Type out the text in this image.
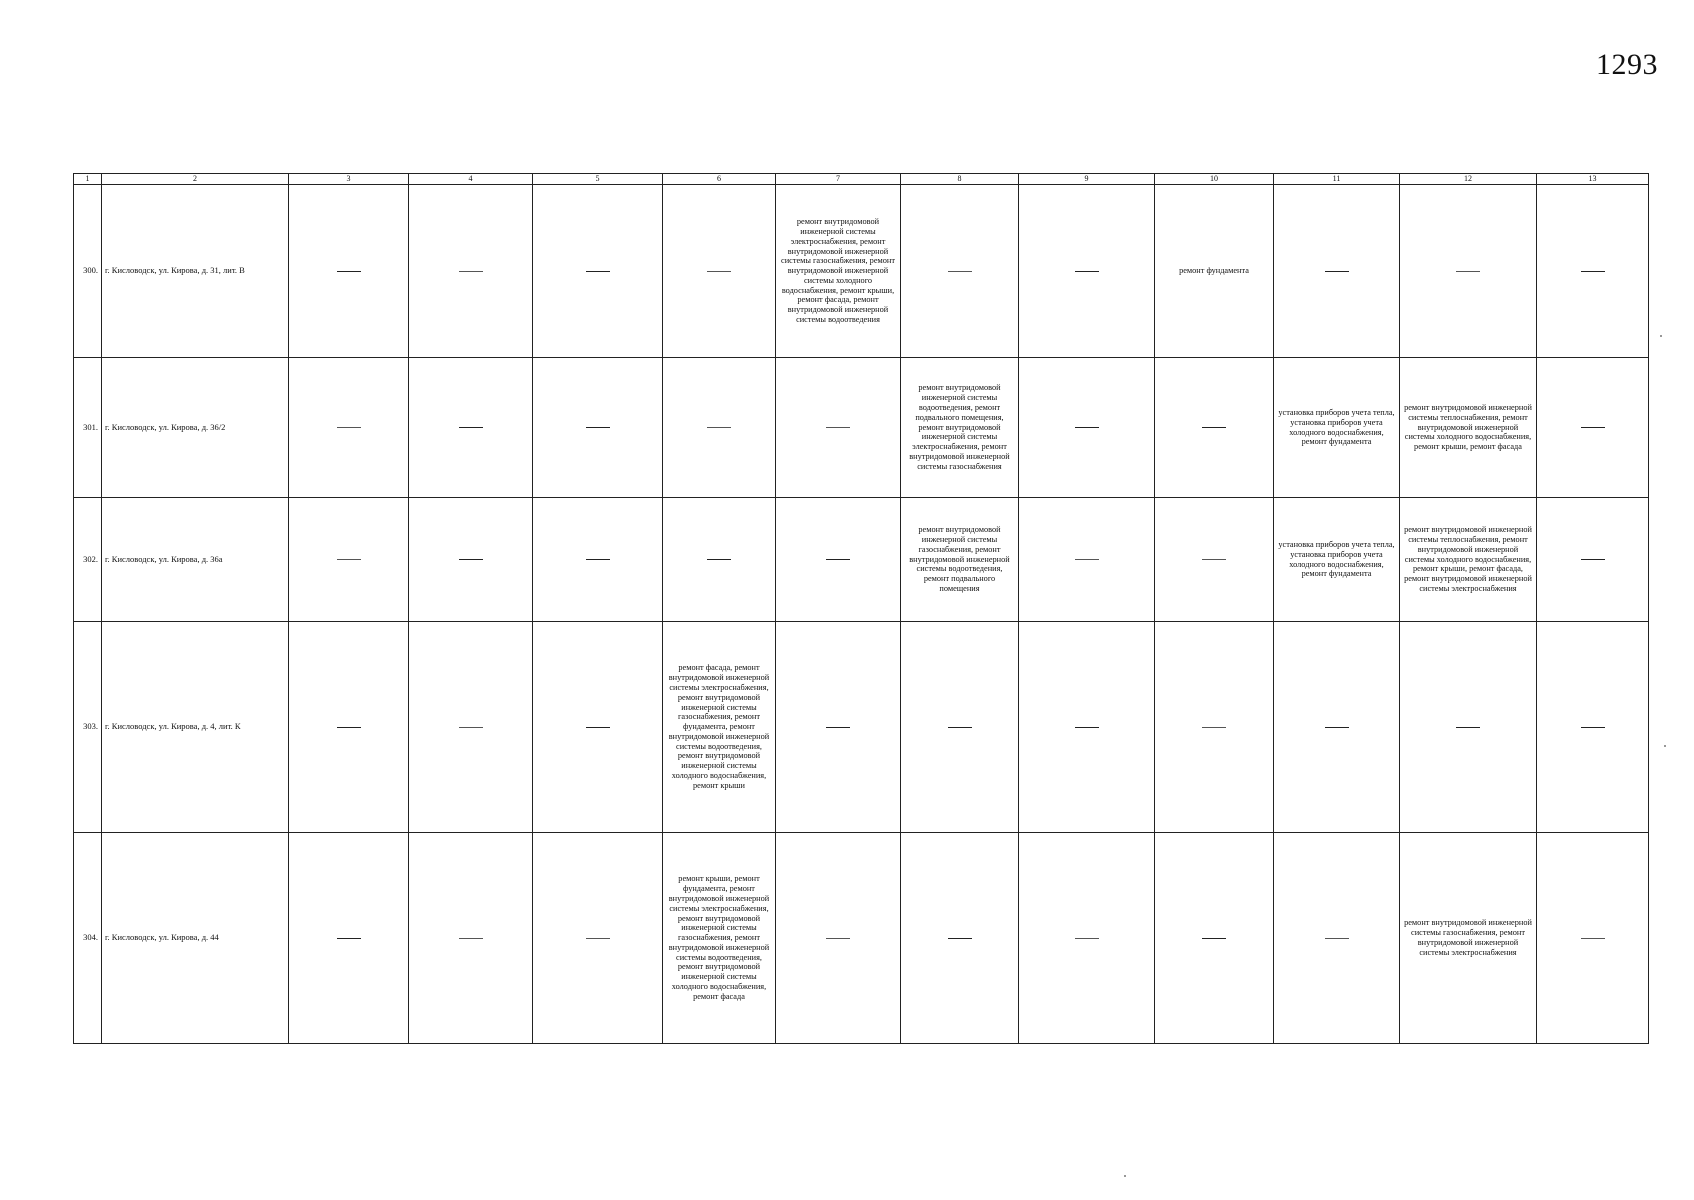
1293
1	2	3	4	5	6	7	8	9	10	11	12	13
300.	г. Кисловодск, ул. Кирова, д. 31, лит. В					ремонт внутридомовой инженерной системы электроснабжения, ремонт внутридомовой инженерной системы газоснабжения, ремонт внутридомовой инженерной системы холодного водоснабжения, ремонт крыши, ремонт фасада, ремонт внутридомовой инженерной системы водоотведения			ремонт фундамента			
301.	г. Кисловодск, ул. Кирова, д. 36/2						ремонт внутридомовой инженерной системы водоотведения, ремонт подвального помещения, ремонт внутридомовой инженерной системы электроснабжения, ремонт внутридомовой инженерной системы газоснабжения			установка приборов учета тепла, установка приборов учета холодного водоснабжения, ремонт фундамента	ремонт внутридомовой инженерной системы теплоснабжения, ремонт внутридомовой инженерной системы холодного водоснабжения, ремонт крыши, ремонт фасада	
302.	г. Кисловодск, ул. Кирова, д. 36а						ремонт внутридомовой инженерной системы газоснабжения, ремонт внутридомовой инженерной системы водоотведения, ремонт подвального помещения			установка приборов учета тепла, установка приборов учета холодного водоснабжения, ремонт фундамента	ремонт внутридомовой инженерной системы теплоснабжения, ремонт внутридомовой инженерной системы холодного водоснабжения, ремонт крыши, ремонт фасада, ремонт внутридомовой инженерной системы электроснабжения	
303.	г. Кисловодск, ул. Кирова, д. 4, лит. К				ремонт фасада, ремонт внутридомовой инженерной системы электроснабжения, ремонт внутридомовой инженерной системы газоснабжения, ремонт фундамента, ремонт внутридомовой инженерной системы водоотведения, ремонт внутридомовой инженерной системы холодного водоснабжения, ремонт крыши							
304.	г. Кисловодск, ул. Кирова, д. 44				ремонт крыши, ремонт фундамента, ремонт внутридомовой инженерной системы электроснабжения, ремонт внутридомовой инженерной системы газоснабжения, ремонт внутридомовой инженерной системы водоотведения, ремонт внутридомовой инженерной системы холодного водоснабжения, ремонт фасада						ремонт внутридомовой инженерной системы газоснабжения, ремонт внутридомовой инженерной системы электроснабжения	
